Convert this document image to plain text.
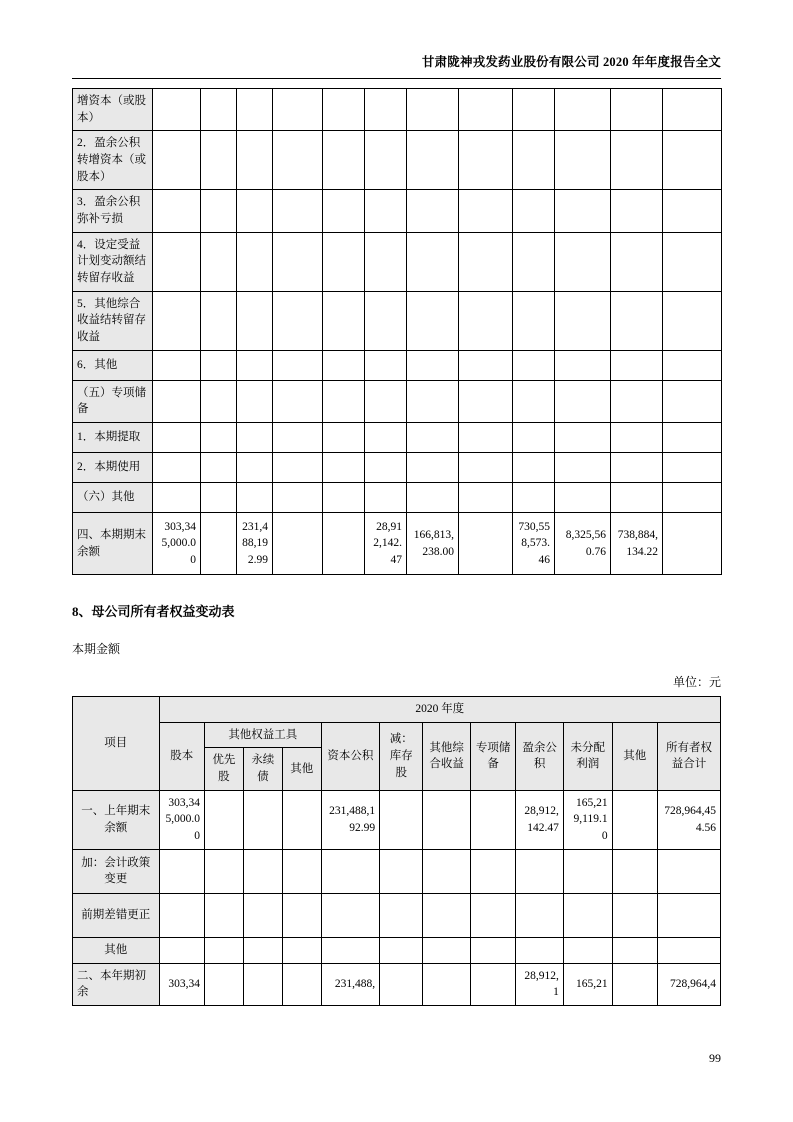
甘肃陇神戎发药业股份有限公司 2020 年年度报告全文
增资本（或股本）												
2．盈余公积转增资本（或股本）												
3．盈余公积弥补亏损												
4．设定受益计划变动额结转留存收益												
5．其他综合收益结转留存收益												
6．其他												
（五）专项储备												
1．本期提取												
2．本期使用												
（六）其他												
四、本期期末余额	303,345,000.00		231,488,192.99			28,912,142.47	166,813,238.00		730,558,573.46	8,325,560.76	738,884,134.22	
8、母公司所有者权益变动表
本期金额
单位：元
项目	2020 年度											
	股本	其他权益工具			资本公积	减：库存股	其他综合收益	专项储备	盈余公积	未分配利润	其他	所有者权益合计
		优先股	永续债	其他								
一、上年期末余额	303,345,000.00				231,488,192.99				28,912,142.47	165,219,119.10		728,964,454.56
加：会计政策变更												
前期差错更正												
其他												
二、本年期初余	303,34				231,488,				28,912,1	165,21		728,964,4
99
